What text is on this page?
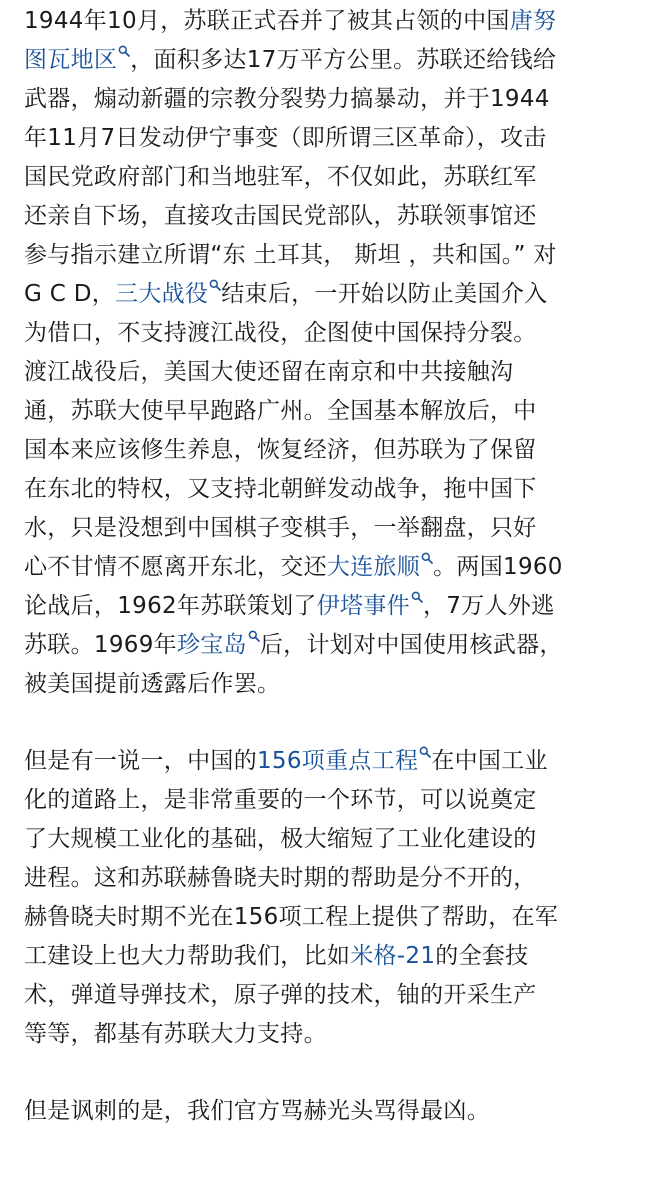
1944年10月，苏联正式吞并了被其占领的中国唐努
图瓦地区 ，面积多达17万平方公里。苏联还给钱给
武器，煽动新疆的宗教分裂势力搞暴动，并于1944
年11月7日发动伊宁事变（即所谓三区革命），攻击
国民党政府部门和当地驻军，不仅如此，苏联红军
还亲自下场，直接攻击国民党部队，苏联领事馆还
参与指示建立所谓“东 土耳其， 斯坦 ，共和国。” 对
G C D，三大战役 结束后，一开始以防止美国介入
为借口，不支持渡江战役，企图使中国保持分裂。
渡江战役后，美国大使还留在南京和中共接触沟
通，苏联大使早早跑路广州。全国基本解放后，中
国本来应该修生养息，恢复经济，但苏联为了保留
在东北的特权，又支持北朝鲜发动战争，拖中国下
水，只是没想到中国棋子变棋手，一举翻盘，只好
心不甘情不愿离开东北，交还大连旅顺 。两国1960
论战后，1962年苏联策划了伊塔事件 ，7万人外逃
苏联。1969年珍宝岛 后，计划对中国使用核武器，
被美国提前透露后作罢。

但是有一说一，中国的156项重点工程 在中国工业
化的道路上，是非常重要的一个环节，可以说奠定
了大规模工业化的基础，极大缩短了工业化建设的
进程。这和苏联赫鲁晓夫时期的帮助是分不开的，
赫鲁晓夫时期不光在156项工程上提供了帮助，在军
工建设上也大力帮助我们，比如米格-21的全套技
术，弹道导弹技术，原子弹的技术，铀的开采生产
等等，都基有苏联大力支持。

但是讽刺的是，我们官方骂赫光头骂得最凶。
